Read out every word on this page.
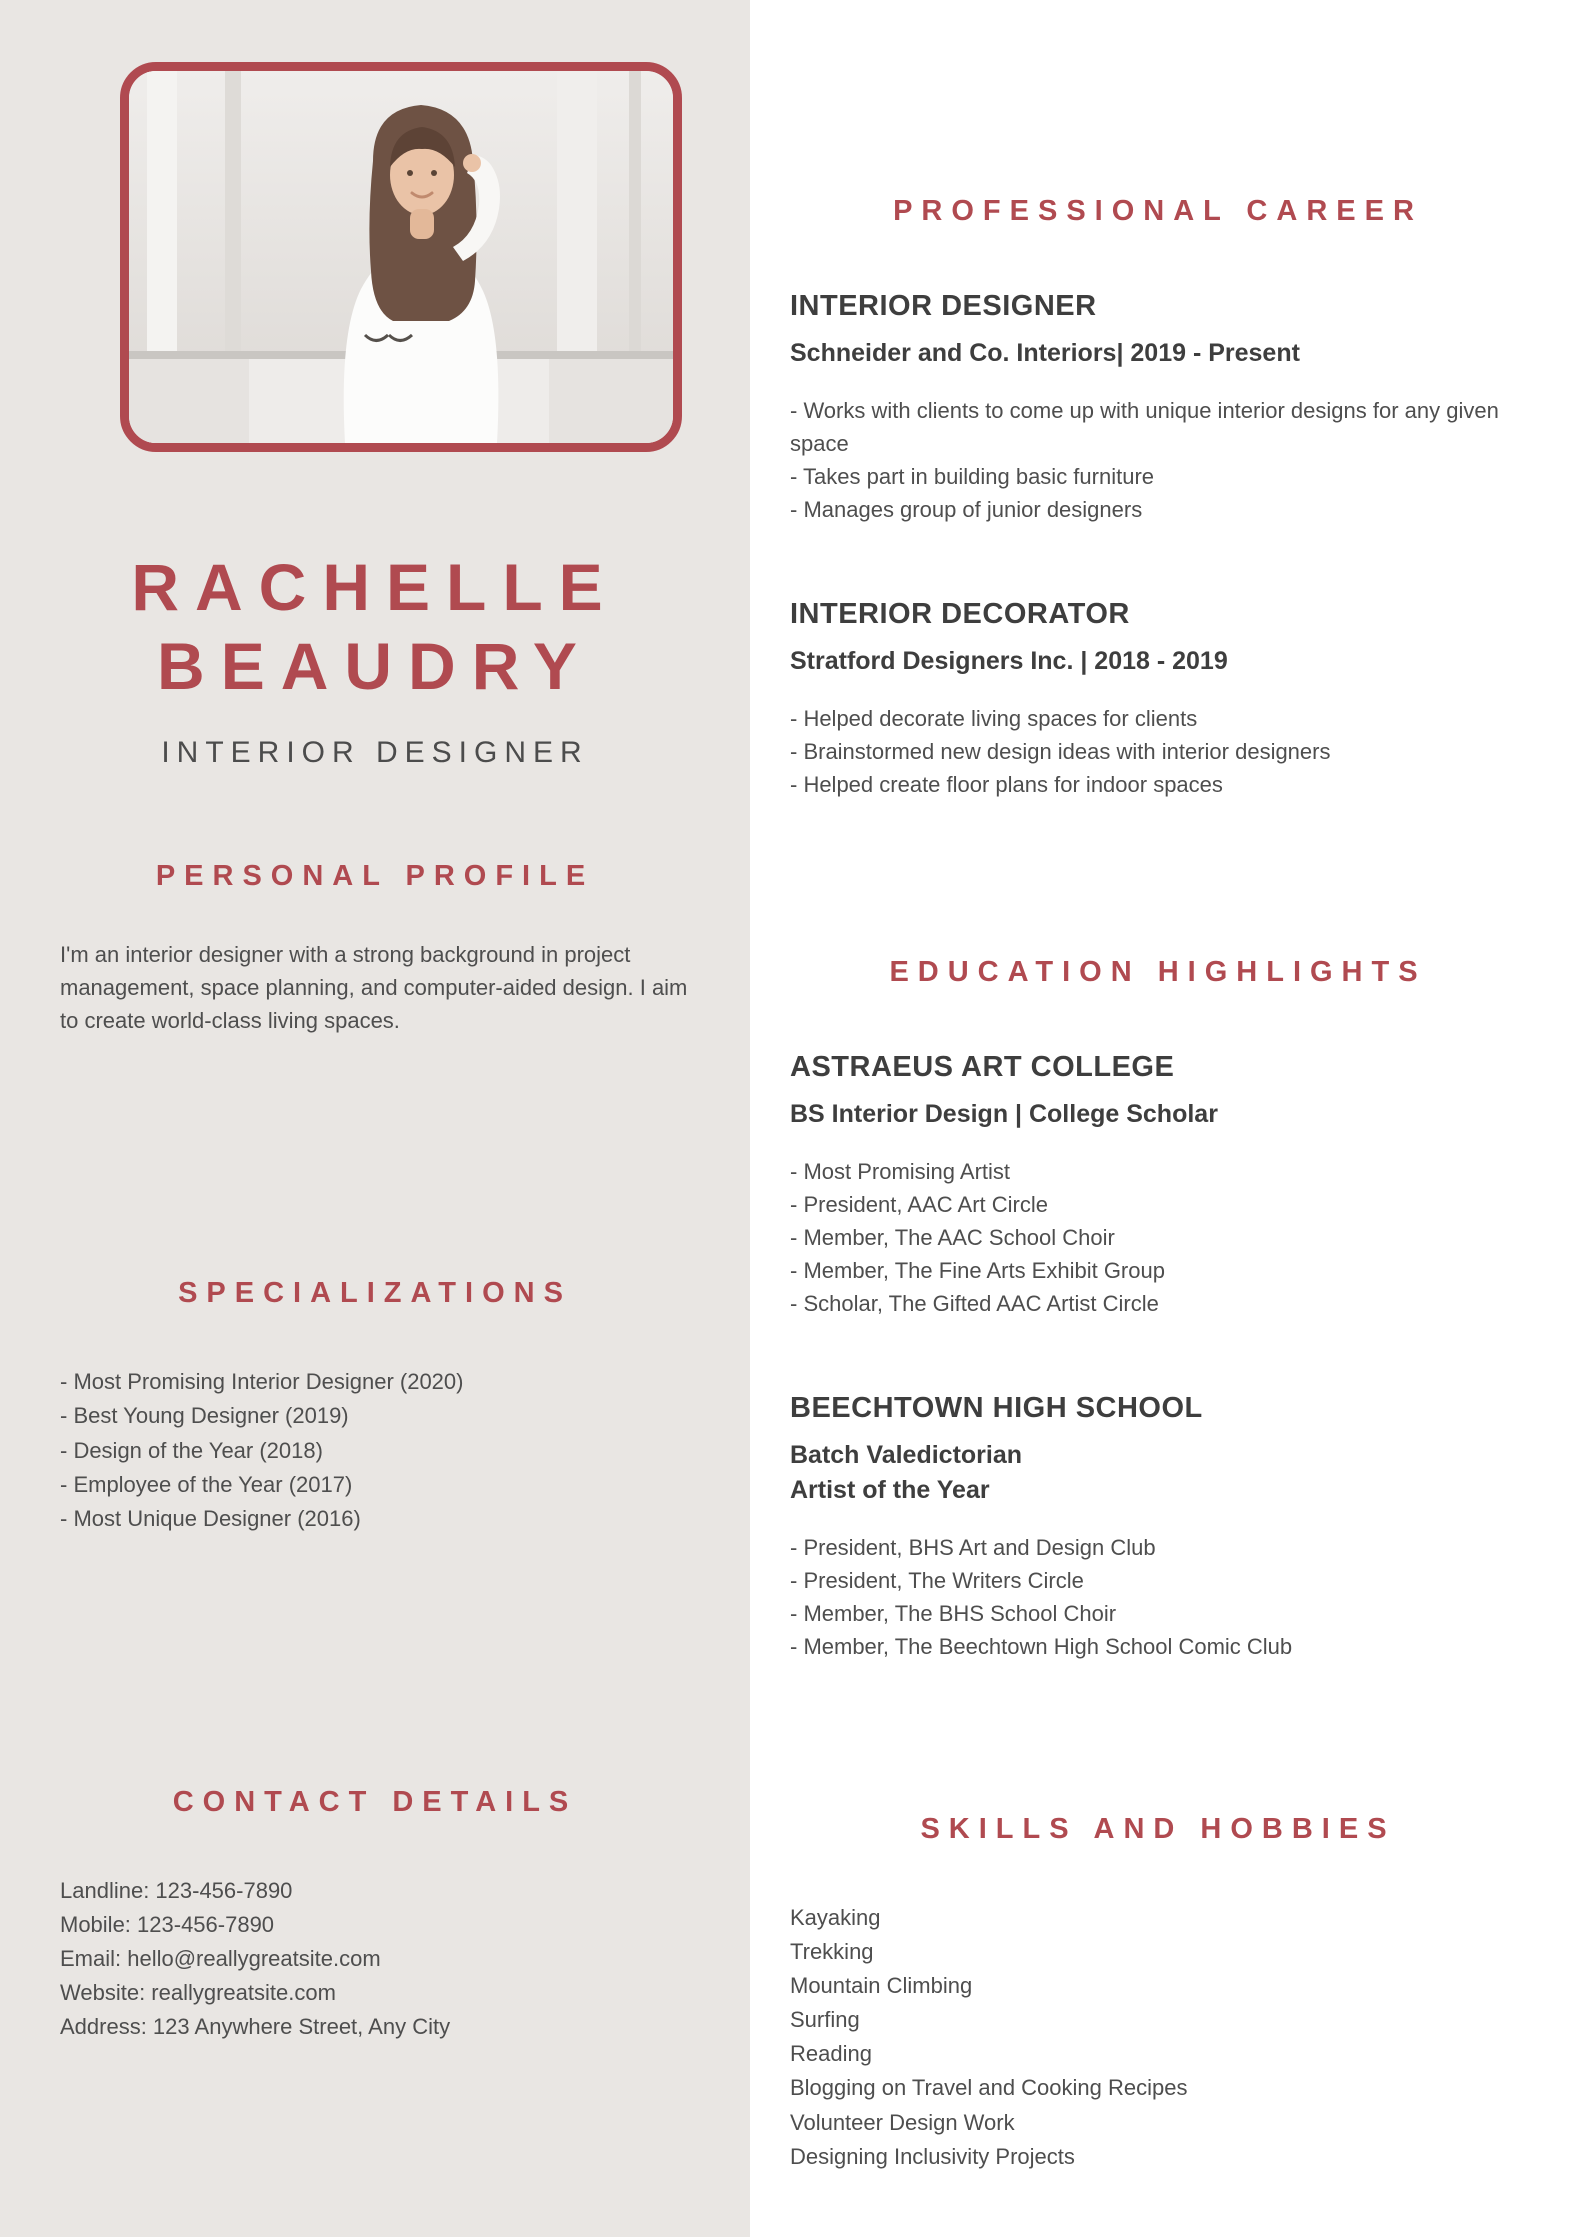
RACHELLE
BEAUDRY
INTERIOR DESIGNER
PERSONAL PROFILE

I'm an interior designer with a strong background in project management, space planning, and computer-aided design. I aim to create world-class living spaces.

SPECIALIZATIONS
- Most Promising Interior Designer (2020)
- Best Young Designer (2019)
- Design of the Year (2018)
- Employee of the Year (2017)
- Most Unique Designer (2016)
CONTACT DETAILS
Landline: 123-456-7890
Mobile: 123-456-7890
Email: hello@reallygreatsite.com
Website: reallygreatsite.com
Address: 123 Anywhere Street, Any City
PROFESSIONAL CAREER
INTERIOR DESIGNER
Schneider and Co. Interiors| 2019 - Present
- Works with clients to come up with unique interior designs for any given space
- Takes part in building basic furniture
- Manages group of junior designers
INTERIOR DECORATOR
Stratford Designers Inc. | 2018 - 2019
- Helped decorate living spaces for clients
- Brainstormed new design ideas with interior designers
- Helped create floor plans for indoor spaces
EDUCATION HIGHLIGHTS
ASTRAEUS ART COLLEGE
BS Interior Design | College Scholar
- Most Promising Artist
- President, AAC Art Circle
- Member, The AAC School Choir
- Member, The Fine Arts Exhibit Group
- Scholar, The Gifted AAC Artist Circle
BEECHTOWN HIGH SCHOOL
Batch Valedictorian
Artist of the Year
- President, BHS Art and Design Club
- President, The Writers Circle
- Member, The BHS School Choir
- Member, The Beechtown High School Comic Club
SKILLS AND HOBBIES
Kayaking
Trekking
Mountain Climbing
Surfing
Reading
Blogging on Travel and Cooking Recipes
Volunteer Design Work
Designing Inclusivity Projects
